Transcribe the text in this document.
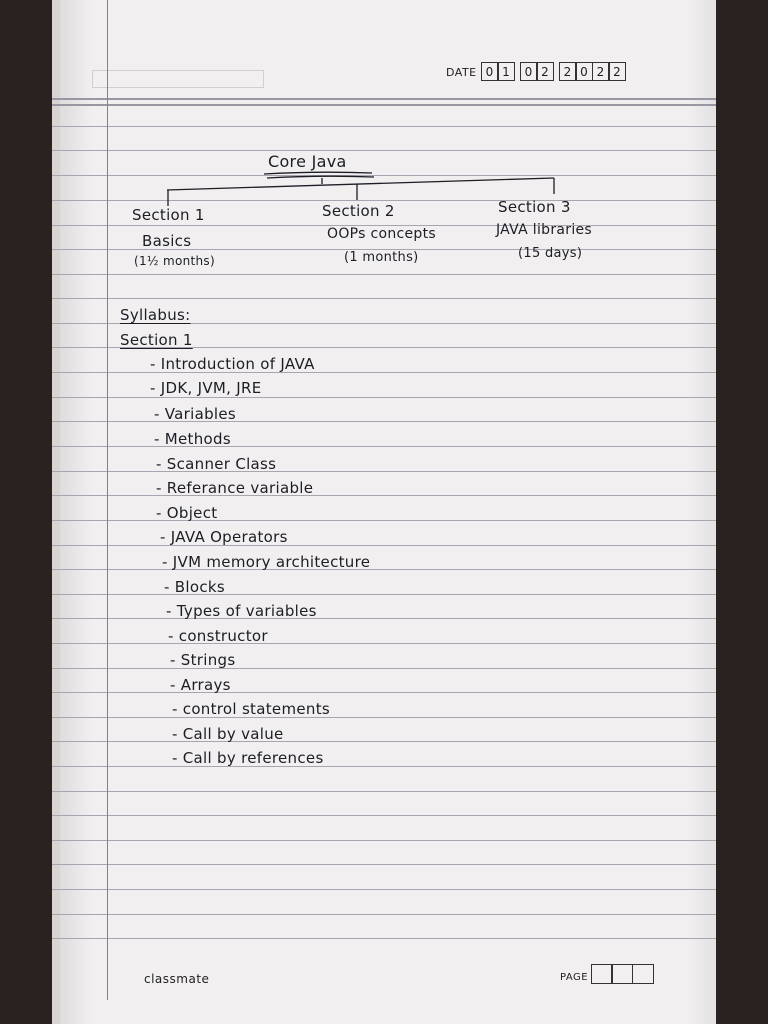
DATE 0 1	0 2	2 0 2 2
Core Java
Section 1
Basics
(1½ months)
Section 2
OOPs concepts
(1 months)
Section 3
JAVA libraries
(15 days)
Syllabus:
Section 1
- Introduction of JAVA
- JDK, JVM, JRE
- Variables
- Methods
- Scanner Class
- Referance variable
- Object
- JAVA Operators
- JVM memory architecture
- Blocks
- Types of variables
- constructor
- Strings
- Arrays
- control statements
- Call by value
- Call by references
classmate	PAGE
